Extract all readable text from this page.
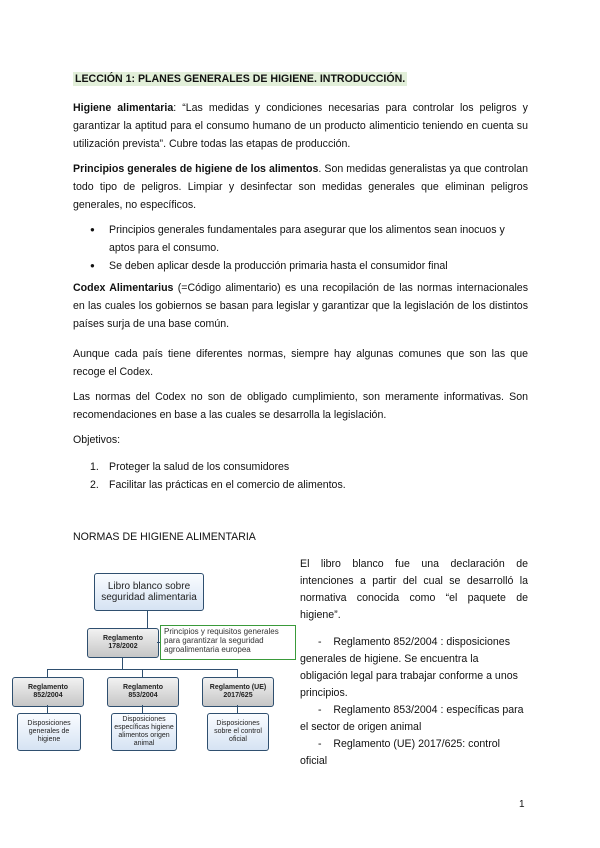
LECCIÓN 1: PLANES GENERALES DE HIGIENE. INTRODUCCIÓN.

Higiene alimentaria: “Las medidas y condiciones necesarias para controlar los peligros y garantizar la aptitud para el consumo humano de un producto alimenticio teniendo en cuenta su utilización prevista”. Cubre todas las etapas de producción.

Principios generales de higiene de los alimentos. Son medidas generalistas ya que controlan todo tipo de peligros. Limpiar y desinfectar son medidas generales que eliminan peligros generales, no específicos.

● Principios generales fundamentales para asegurar que los alimentos sean inocuos y aptos para el consumo.
● Se deben aplicar desde la producción primaria hasta el consumidor final

Codex Alimentarius (=Código alimentario) es una recopilación de las normas internacionales en las cuales los gobiernos se basan para legislar y garantizar que la legislación de los distintos países surja de una base común.

Aunque cada país tiene diferentes normas, siempre hay algunas comunes que son las que recoge el Codex.

Las normas del Codex no son de obligado cumplimiento, son meramente informativas. Son recomendaciones en base a las cuales se desarrolla la legislación.

Objetivos:

1. Proteger la salud de los consumidores
2. Facilitar las prácticas en el comercio de alimentos.
NORMAS DE HIGIENE ALIMENTARIA
Libro blanco sobre seguridad alimentaria
Reglamento 178/2002
Principios y requisitos generales para garantizar la seguridad agroalimentaria europea
Reglamento 852/2004
Reglamento 853/2004
Reglamento (UE) 2017/625
Disposiciones generales de higiene
Disposiciones específicas higiene alimentos origen animal
Disposiciones sobre el control oficial

El libro blanco fue una declaración de intenciones a partir del cual se desarrolló la normativa conocida como “el paquete de higiene”.

- Reglamento 852/2004 : disposiciones generales de higiene. Se encuentra la obligación legal para trabajar conforme a unos principios.
- Reglamento 853/2004 : específicas para el sector de origen animal
- Reglamento (UE) 2017/625: control oficial
1
